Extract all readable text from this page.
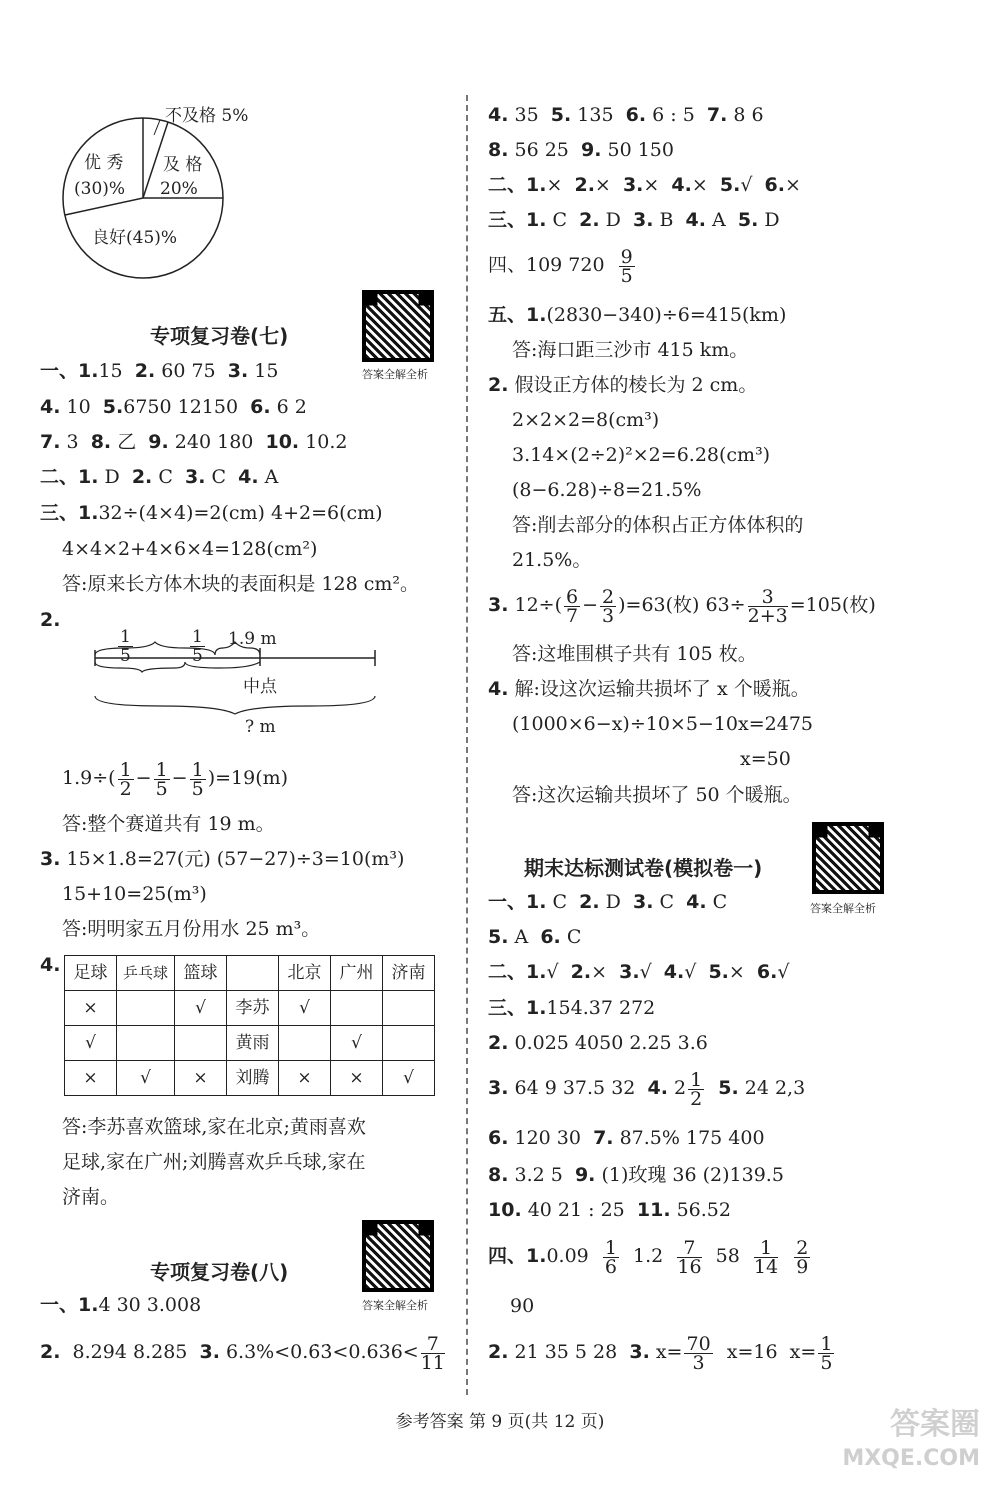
不及格 5%
优 秀
(30)%
及 格
20%
良好(45)%
答案全解全析
专项复习卷(七)
一、1.15 2. 60 75 3. 15
4. 10 5.6750 12150 6. 6 2
7. 3 8. 乙 9. 240 180 10. 10.2
二、1. D 2. C 3. C 4. A
三、1.32÷(4×4)=2(cm) 4+2=6(cm)
4×4×2+4×6×4=128(cm²)
答:原来长方体木块的表面积是 128 cm²。
2.
$\frac{1}{5}$	$\frac{1}{5} 1.9$ m
中点
? m
$1.9\div( \frac{1}{2} - \frac{1}{5} - \frac{1}{5} )=19(m)$
答:整个赛道共有 19 m。
3. 15×1.8=27(元) (57−27)÷3=10(m³)
15+10=25(m³)
答:明明家五月份用水 25 m³。
4. 足球	乒乓球	篮球		北京	广州	济南
×		√	李苏	√		
√			黄雨		√	
×	√	×	刘腾	×	×	√
答:李苏喜欢篮球,家在北京;黄雨喜欢
足球,家在广州;刘腾喜欢乒乓球,家在
济南。
答案全解全析
专项复习卷(八)
一、1.4 30 3.008
2. 8.294 8.285 3. 6.3%<0.6̇3̇<0.636< $\frac{7}{11}$
4. 35 5. 135 6. 6 : 5 7. 8 6
8. 56 25 9. 50 150
二、1.× 2.× 3.× 4.× 5.√ 6.×
三、1. C 2. D 3. B 4. A 5. D
四、109 $720 \frac{9}{5}$
五、1.(2830−340)÷6=415(km)
答:海口距三沙市 415 km。
2. 假设正方体的棱长为 2 cm。
2×2×2=8(cm³)
3.14×(2÷2)²×2=6.28(cm³)
(8−6.28)÷8=21.5%
答:削去部分的体积占正方体体积的
21.5%。
3. $12\div( \frac{6}{7} - \frac{2}{3} )=63$(枚) $63\div \frac{3}{2+3} =105$(枚)
答:这堆围棋子共有 105 枚。
4. 解:设这次运输共损坏了 x 个暖瓶。
(1000×6−x)÷10×5−10x=2475
x=50
答:这次运输共损坏了 50 个暖瓶。
答案全解全析
期末达标测试卷(模拟卷一)
一、1. C 2. D 3. C 4. C
5. A 6. C
二、1.√ 2.× 3.√ 4.√ 5.× 6.√
三、1.154.37 272
2. 0.025 4050 2.25 3.6
3. 64 9 37.5 32 4. $2 \frac{1}{2} 5$. 24 2,3
6. 120 30 7. 87.5% 175 400
8. 3.2 5 9. (1)玫瑰 36 (2)139.5
10. 40 21 : 25 11. 56.52
四、$1.0.09 \frac{1}{6} 1.2 \frac{7}{16} 58 \frac{1}{14}$
$\frac{2}{9}$
90
2. 21 35 5 28 3. $x= \frac{70}{3} x=16$ $x= \frac{1}{5}$
参考答案 第 9 页(共 12 页)	答案圈
MXQE.COM
